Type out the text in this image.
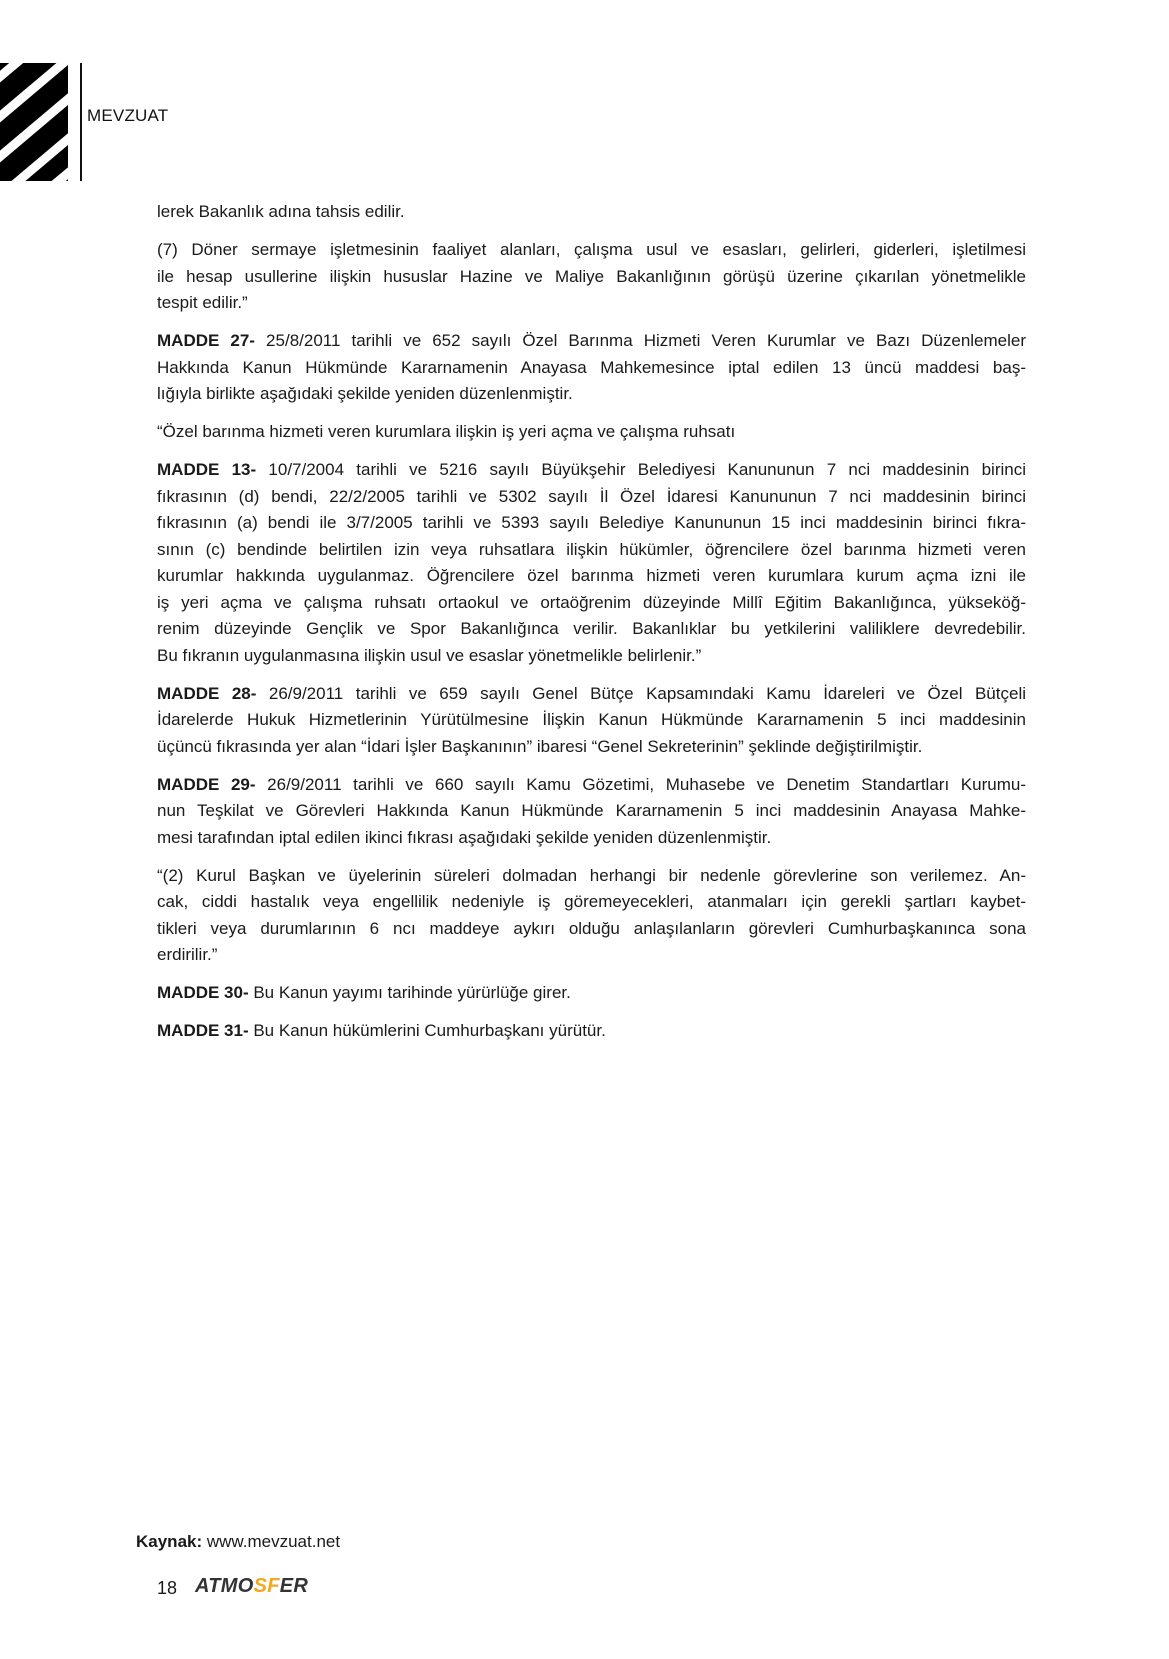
MEVZUAT

lerek Bakanlık adına tahsis edilir.

(7) Döner sermaye işletmesinin faaliyet alanları, çalışma usul ve esasları, gelirleri, giderleri, işletilmesi
ile hesap usullerine ilişkin hususlar Hazine ve Maliye Bakanlığının görüşü üzerine çıkarılan yönetmelikle
tespit edilir.”

MADDE 27- 25/8/2011 tarihli ve 652 sayılı Özel Barınma Hizmeti Veren Kurumlar ve Bazı Düzenlemeler
Hakkında Kanun Hükmünde Kararnamenin Anayasa Mahkemesince iptal edilen 13 üncü maddesi baş-
lığıyla birlikte aşağıdaki şekilde yeniden düzenlenmiştir.

“Özel barınma hizmeti veren kurumlara ilişkin iş yeri açma ve çalışma ruhsatı

MADDE 13- 10/7/2004 tarihli ve 5216 sayılı Büyükşehir Belediyesi Kanununun 7 nci maddesinin birinci
fıkrasının (d) bendi, 22/2/2005 tarihli ve 5302 sayılı İl Özel İdaresi Kanununun 7 nci maddesinin birinci
fıkrasının (a) bendi ile 3/7/2005 tarihli ve 5393 sayılı Belediye Kanununun 15 inci maddesinin birinci fıkra-
sının (c) bendinde belirtilen izin veya ruhsatlara ilişkin hükümler, öğrencilere özel barınma hizmeti veren
kurumlar hakkında uygulanmaz. Öğrencilere özel barınma hizmeti veren kurumlara kurum açma izni ile
iş yeri açma ve çalışma ruhsatı ortaokul ve ortaöğrenim düzeyinde Millî Eğitim Bakanlığınca, yükseköğ-
renim düzeyinde Gençlik ve Spor Bakanlığınca verilir. Bakanlıklar bu yetkilerini valiliklere devredebilir.
Bu fıkranın uygulanmasına ilişkin usul ve esaslar yönetmelikle belirlenir.”

MADDE 28- 26/9/2011 tarihli ve 659 sayılı Genel Bütçe Kapsamındaki Kamu İdareleri ve Özel Bütçeli
İdarelerde Hukuk Hizmetlerinin Yürütülmesine İlişkin Kanun Hükmünde Kararnamenin 5 inci maddesinin
üçüncü fıkrasında yer alan “İdari İşler Başkanının” ibaresi “Genel Sekreterinin” şeklinde değiştirilmiştir.

MADDE 29- 26/9/2011 tarihli ve 660 sayılı Kamu Gözetimi, Muhasebe ve Denetim Standartları Kurumu-
nun Teşkilat ve Görevleri Hakkında Kanun Hükmünde Kararnamenin 5 inci maddesinin Anayasa Mahke-
mesi tarafından iptal edilen ikinci fıkrası aşağıdaki şekilde yeniden düzenlenmiştir.

“(2) Kurul Başkan ve üyelerinin süreleri dolmadan herhangi bir nedenle görevlerine son verilemez. An-
cak, ciddi hastalık veya engellilik nedeniyle iş göremeyecekleri, atanmaları için gerekli şartları kaybet-
tikleri veya durumlarının 6 ncı maddeye aykırı olduğu anlaşılanların görevleri Cumhurbaşkanınca sona
erdirilir.”

MADDE 30- Bu Kanun yayımı tarihinde yürürlüğe girer.

MADDE 31- Bu Kanun hükümlerini Cumhurbaşkanı yürütür.

Kaynak: www.mevzuat.net
18 ATMOSFER
